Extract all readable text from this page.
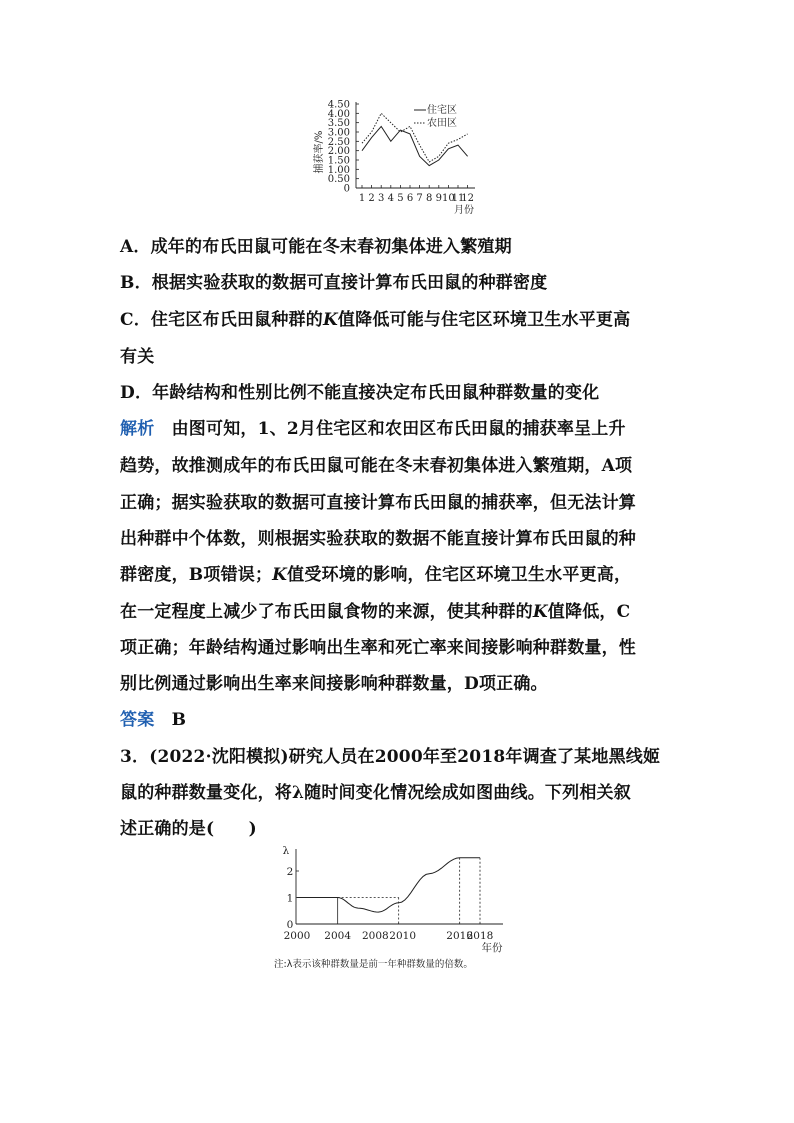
4.50
4.00
3.50
3.00
2.50
2.00
1.50
1.00
0.50
0
捕获率/%
1 2 3 4 5 6 7 8 9 10
11
12
月份
住宅区
农田区
A．成年的布氏田鼠可能在冬末春初集体进入繁殖期
B．根据实验获取的数据可直接计算布氏田鼠的种群密度
C．住宅区布氏田鼠种群的K值降低可能与住宅区环境卫生水平更高
有关
D．年龄结构和性别比例不能直接决定布氏田鼠种群数量的变化
解析　 由图可知，1、2月住宅区和农田区布氏田鼠的捕获率呈上升
趋势，故推测成年的布氏田鼠可能在冬末春初集体进入繁殖期，A项
正确；据实验获取的数据可直接计算布氏田鼠的捕获率，但无法计算
出种群中个体数，则根据实验获取的数据不能直接计算布氏田鼠的种
群密度，B项错误；K值受环境的影响，住宅区环境卫生水平更高，
在一定程度上减少了布氏田鼠食物的来源，使其种群的K值降低，C
项正确；年龄结构通过影响出生率和死亡率来间接影响种群数量，性
别比例通过影响出生率来间接影响种群数量，D项正确。
答案　 B
3．(2022·沈阳模拟)研究人员在2000年至2018年调查了某地黑线姬
鼠的种群数量变化，将λ随时间变化情况绘成如图曲线。下列相关叙
述正确的是(　　)
λ
2
1
0
2000 2004 2008 2010	2016
2018
年份
注:λ表示该种群数量是前一年种群数量的倍数。
